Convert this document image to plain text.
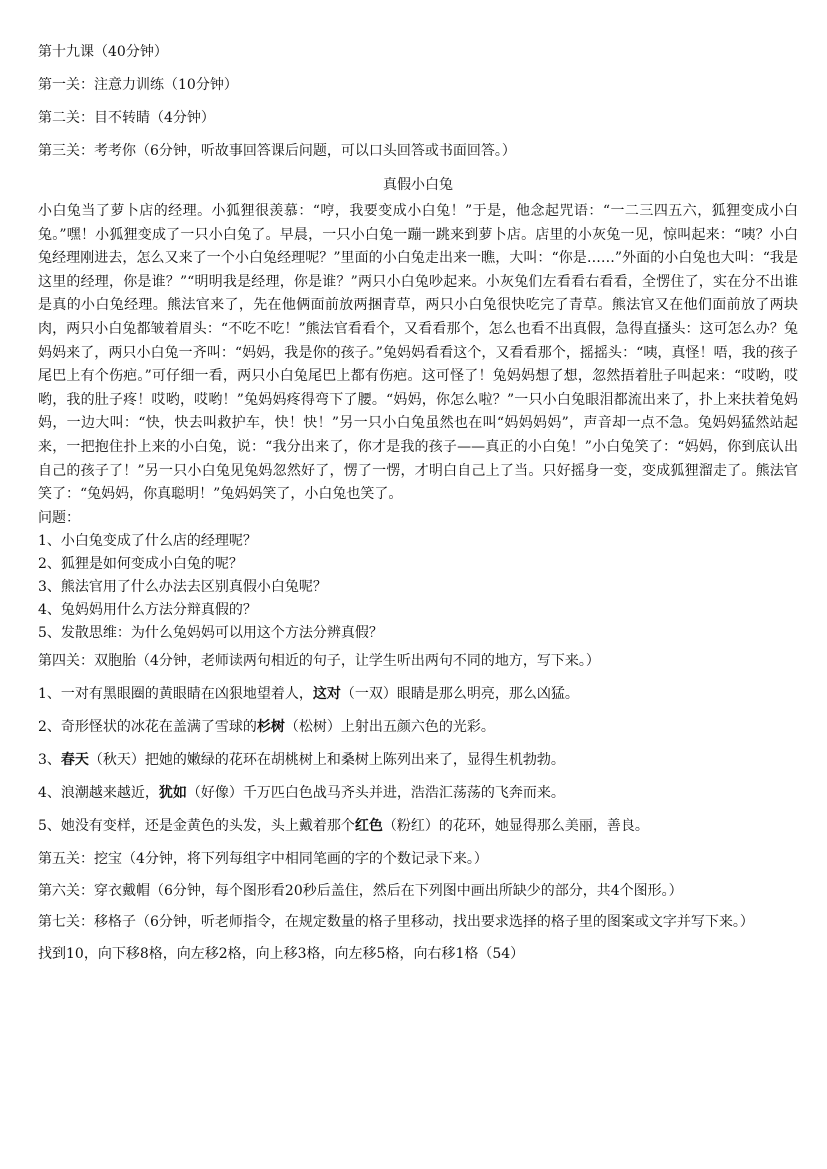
第十九课（40分钟）
第一关：注意力训练（10分钟）
第二关：目不转睛（4分钟）
第三关：考考你（6分钟，听故事回答课后问题，可以口头回答或书面回答。）
真假小白兔
小白兔当了萝卜店的经理。小狐狸很羡慕：“哼，我要变成小白兔！”于是，他念起咒语：“一二三四五六，狐狸变成小白兔。”嘿！小狐狸变成了一只小白兔了。早晨，一只小白兔一蹦一跳来到萝卜店。店里的小灰兔一见，惊叫起来：“咦？小白兔经理刚进去，怎么又来了一个小白兔经理呢？”里面的小白兔走出来一瞧，大叫：“你是……”外面的小白兔也大叫：“我是这里的经理，你是谁？”“明明我是经理，你是谁？”两只小白兔吵起来。小灰兔们左看看右看看，全愣住了，实在分不出谁是真的小白兔经理。熊法官来了，先在他俩面前放两捆青草，两只小白兔很快吃完了青草。熊法官又在他们面前放了两块肉，两只小白兔都皱着眉头：“不吃不吃！”熊法官看看个，又看看那个，怎么也看不出真假，急得直搔头：这可怎么办？兔妈妈来了，两只小白兔一齐叫：“妈妈，我是你的孩子。”兔妈妈看看这个，又看看那个，摇摇头：“咦，真怪！唔，我的孩子尾巴上有个伤疤。”可仔细一看，两只小白兔尾巴上都有伤疤。这可怪了！兔妈妈想了想，忽然捂着肚子叫起来：“哎哟，哎哟，我的肚子疼！哎哟，哎哟！”兔妈妈疼得弯下了腰。“妈妈，你怎么啦？”一只小白兔眼泪都流出来了，扑上来扶着兔妈妈，一边大叫：“快，快去叫救护车，快！快！”另一只小白兔虽然也在叫“妈妈妈妈”，声音却一点不急。兔妈妈猛然站起来，一把抱住扑上来的小白兔，说：“我分出来了，你才是我的孩子——真正的小白兔！”小白兔笑了：“妈妈，你到底认出自己的孩子了！”另一只小白兔见兔妈忽然好了，愣了一愣，才明白自己上了当。只好摇身一变，变成狐狸溜走了。熊法官笑了：“兔妈妈，你真聪明！”兔妈妈笑了，小白兔也笑了。
问题：
1、小白兔变成了什么店的经理呢？
2、狐狸是如何变成小白兔的呢？
3、熊法官用了什么办法去区别真假小白兔呢？
4、兔妈妈用什么方法分辩真假的？
5、发散思维：为什么兔妈妈可以用这个方法分辨真假？
第四关：双胞胎（4分钟，老师读两句相近的句子，让学生听出两句不同的地方，写下来。）
1、一对有黑眼圈的黄眼睛在凶狠地望着人，这对（一双）眼睛是那么明亮，那么凶猛。
2、奇形怪状的冰花在盖满了雪球的杉树（松树）上射出五颜六色的光彩。
3、春天（秋天）把她的嫩绿的花环在胡桃树上和桑树上陈列出来了，显得生机勃勃。
4、浪潮越来越近，犹如（好像）千万匹白色战马齐头并进，浩浩汇荡荡的飞奔而来。
5、她没有变样，还是金黄色的头发，头上戴着那个红色（粉红）的花环，她显得那么美丽，善良。
第五关：挖宝（4分钟，将下列每组字中相同笔画的字的个数记录下来。）
第六关：穿衣戴帽（6分钟，每个图形看20秒后盖住，然后在下列图中画出所缺少的部分，共4个图形。）
第七关：移格子（6分钟，听老师指令，在规定数量的格子里移动，找出要求选择的格子里的图案或文字并写下来。）
找到10，向下移8格，向左移2格，向上移3格，向左移5格，向右移1格（54）
